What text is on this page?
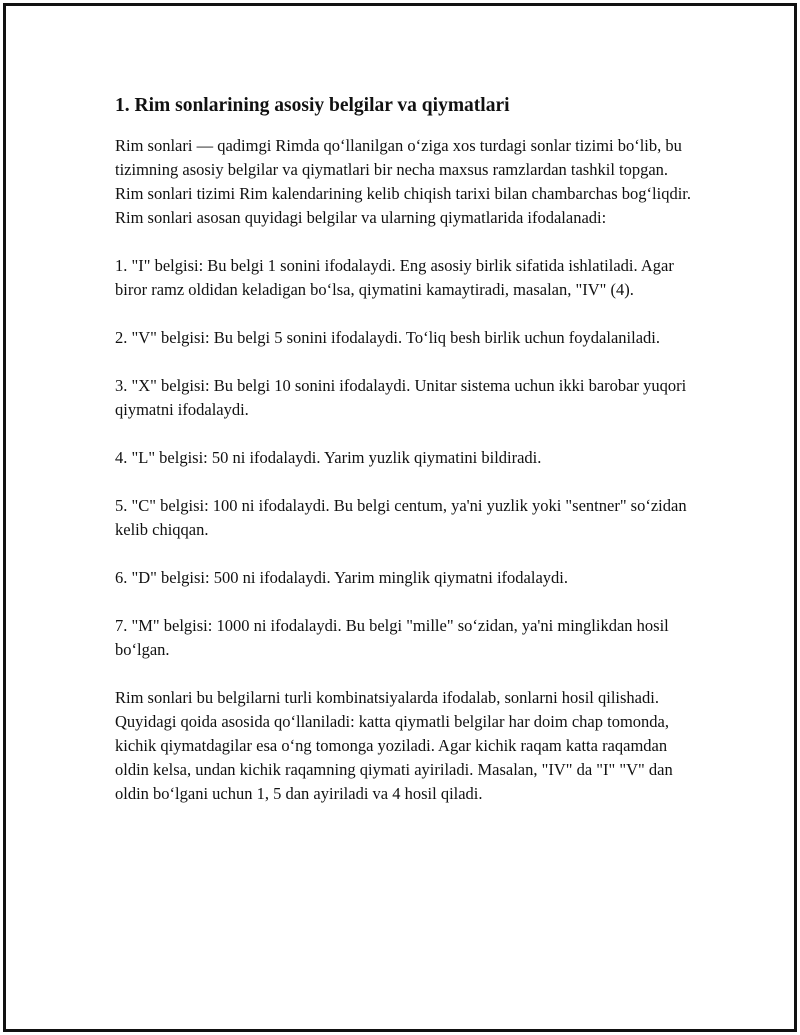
1. Rim sonlarining asosiy belgilar va qiymatlari

Rim sonlari — qadimgi Rimda qo‘llanilgan o‘ziga xos turdagi sonlar tizimi bo‘lib, bu tizimning asosiy belgilar va qiymatlari bir necha maxsus ramzlardan tashkil topgan. Rim sonlari tizimi Rim kalendarining kelib chiqish tarixi bilan chambarchas bog‘liqdir. Rim sonlari asosan quyidagi belgilar va ularning qiymatlarida ifodalanadi:

1. "I" belgisi: Bu belgi 1 sonini ifodalaydi. Eng asosiy birlik sifatida ishlatiladi. Agar biror ramz oldidan keladigan bo‘lsa, qiymatini kamaytiradi, masalan, "IV" (4).

2. "V" belgisi: Bu belgi 5 sonini ifodalaydi. To‘liq besh birlik uchun foydalaniladi.

3. "X" belgisi: Bu belgi 10 sonini ifodalaydi. Unitar sistema uchun ikki barobar yuqori qiymatni ifodalaydi.

4. "L" belgisi: 50 ni ifodalaydi. Yarim yuzlik qiymatini bildiradi.

5. "C" belgisi: 100 ni ifodalaydi. Bu belgi centum, ya'ni yuzlik yoki "sentner" so‘zidan kelib chiqqan.

6. "D" belgisi: 500 ni ifodalaydi. Yarim minglik qiymatni ifodalaydi.

7. "M" belgisi: 1000 ni ifodalaydi. Bu belgi "mille" so‘zidan, ya'ni minglikdan hosil bo‘lgan.

Rim sonlari bu belgilarni turli kombinatsiyalarda ifodalab, sonlarni hosil qilishadi. Quyidagi qoida asosida qo‘llaniladi: katta qiymatli belgilar har doim chap tomonda, kichik qiymatdagilar esa o‘ng tomonga yoziladi. Agar kichik raqam katta raqamdan oldin kelsa, undan kichik raqamning qiymati ayiriladi. Masalan, "IV" da "I" "V" dan oldin bo‘lgani uchun 1, 5 dan ayiriladi va 4 hosil qiladi.
